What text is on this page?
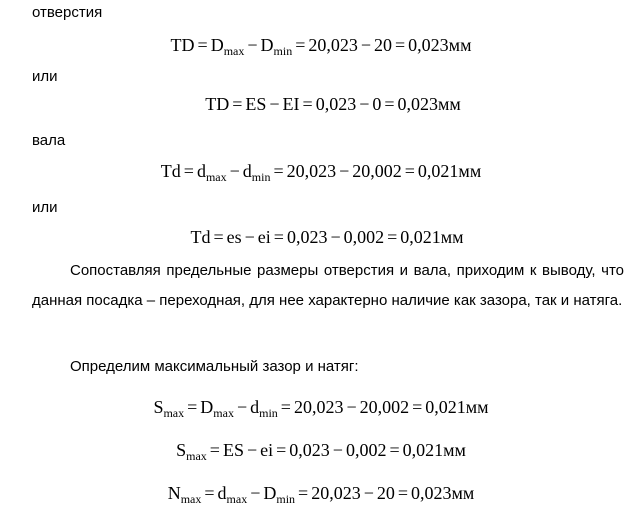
отверстия
TD = $D_{max} - D_{min} = 20,023 - 20 = 0,023мм$
или
TD = ES − EI = 0,023 − 0 = 0,023мм
вала
$Td = d_{max} - d_{min} = 20,023 - 20,002 = 0,021мм$
или
Td = es − ei = 0,023 − 0,002 = 0,021мм
Сопоставляя предельные размеры отверстия и вала, приходим к выводу, что данная посадка – переходная, для нее характерно наличие как зазора, так и натяга.
Определим максимальный зазор и натяг:
$S_{max} = D_{max} - d_{min} = 20,023 - 20,002 = 0,021мм$
$S_{max}$ = ES − ei = 0,023 − 0,002 = 0,021мм
$N_{max} = d_{max} - D_{min} = 20,023 - 20 = 0,023мм$
